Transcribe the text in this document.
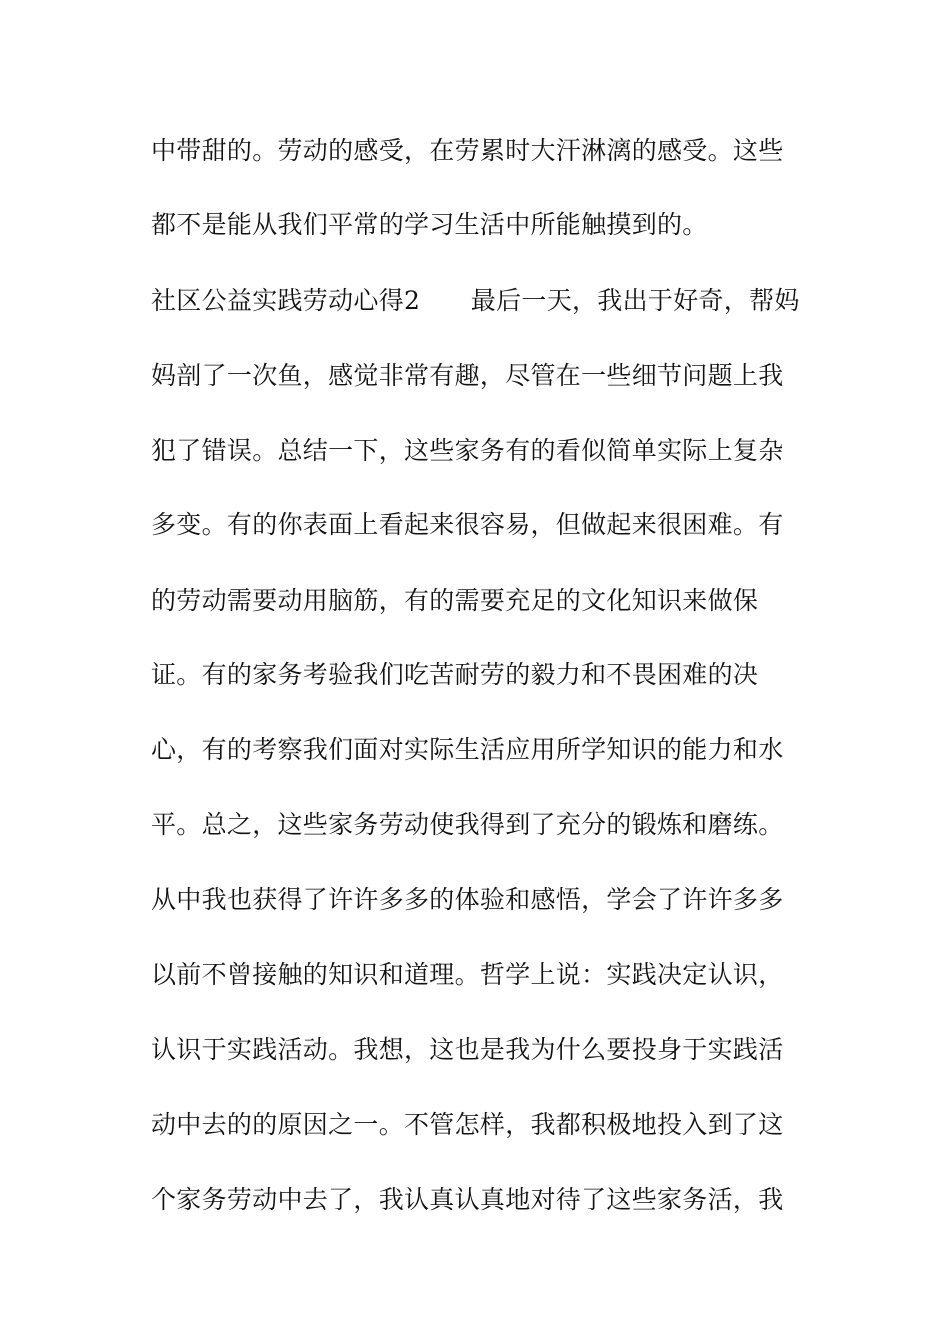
中带甜的。劳动的感受，在劳累时大汗淋漓的感受。这些
都不是能从我们平常的学习生活中所能触摸到的。
社区公益实践劳动心得2　　最后一天，我出于好奇，帮妈
妈剖了一次鱼，感觉非常有趣，尽管在一些细节问题上我
犯了错误。总结一下，这些家务有的看似简单实际上复杂
多变。有的你表面上看起来很容易，但做起来很困难。有
的劳动需要动用脑筋，有的需要充足的文化知识来做保
证。有的家务考验我们吃苦耐劳的毅力和不畏困难的决
心，有的考察我们面对实际生活应用所学知识的能力和水
平。总之，这些家务劳动使我得到了充分的锻炼和磨练。
从中我也获得了许许多多的体验和感悟，学会了许许多多
以前不曾接触的知识和道理。哲学上说：实践决定认识，
认识于实践活动。我想，这也是我为什么要投身于实践活
动中去的的原因之一。不管怎样，我都积极地投入到了这
个家务劳动中去了，我认真认真地对待了这些家务活，我
